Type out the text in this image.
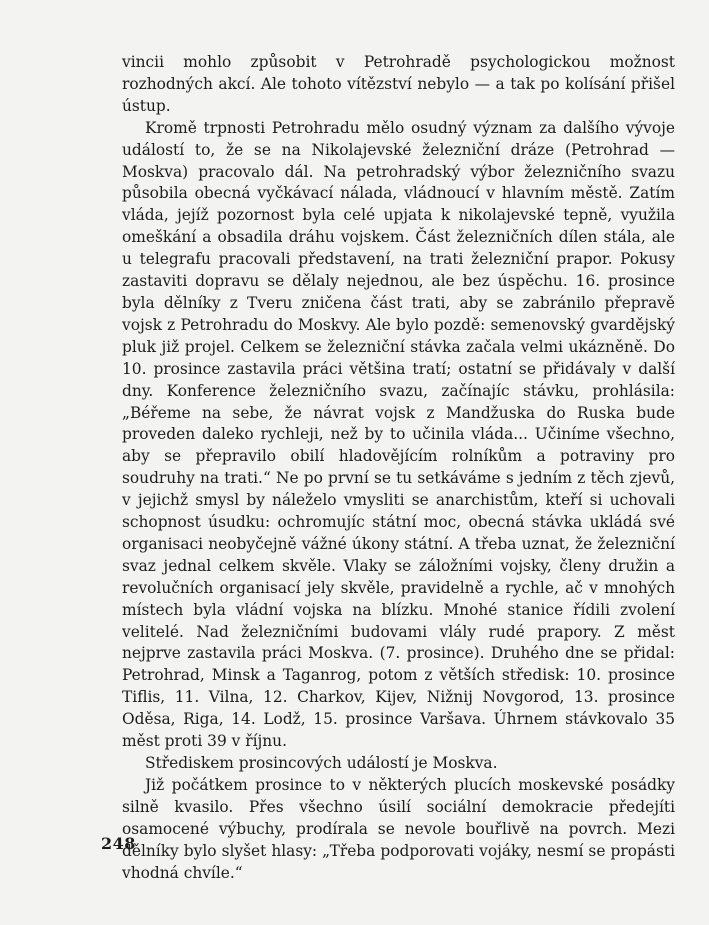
vincii mohlo způsobit v Petrohradě psychologickou možnost rozhodných akcí. Ale tohoto vítězství nebylo — a tak po kolísání přišel ústup.

Kromě trpnosti Petrohradu mělo osudný význam za dalšího vývoje událostí to, že se na Nikolajevské železniční dráze (Petrohrad — Moskva) pracovalo dál. Na petrohradský výbor železničního svazu působila obecná vyčkávací nálada, vládnoucí v hlavním městě. Zatím vláda, jejíž pozornost byla celé upjata k nikolajevské tepně, využila omeškání a obsadila dráhu vojskem. Část železničních dílen stála, ale u telegrafu pracovali představení, na trati železniční prapor. Pokusy zastaviti dopravu se dělaly nejednou, ale bez úspěchu. 16. prosince byla dělníky z Tveru zničena část trati, aby se zabránilo přepravě vojsk z Petrohradu do Moskvy. Ale bylo pozdě: semenovský gvardějský pluk již projel. Celkem se železniční stávka začala velmi ukázněně. Do 10. prosince zastavila práci většina tratí; ostatní se přidávaly v další dny. Konference železničního svazu, začínajíc stávku, prohlásila: „Béřeme na sebe, že návrat vojsk z Mandžuska do Ruska bude proveden daleko rychleji, než by to učinila vláda... Učiníme všechno, aby se přepravilo obilí hladovějícím rolníkům a potraviny pro soudruhy na trati.“ Ne po první se tu setkáváme s jedním z těch zjevů, v jejichž smysl by náleželo vmysliti se anarchistům, kteří si uchovali schopnost úsudku: ochromujíc státní moc, obecná stávka ukládá své organisaci neobyčejně vážné úkony státní. A třeba uznat, že železniční svaz jednal celkem skvěle. Vlaky se záložními vojsky, členy družin a revolučních organisací jely skvěle, pravidelně a rychle, ač v mnohých místech byla vládní vojska na blízku. Mnohé stanice řídili zvolení velitelé. Nad železničními budovami vlály rudé prapory. Z měst nejprve zastavila práci Moskva. (7. prosince). Druhého dne se přidal: Petrohrad, Minsk a Taganrog, potom z větších středisk: 10. prosince Tiflis, 11. Vilna, 12. Charkov, Kijev, Nižnij Novgorod, 13. prosince Oděsa, Riga, 14. Lodž, 15. prosince Varšava. Úhrnem stávkovalo 35 měst proti 39 v říjnu.

Střediskem prosincových událostí je Moskva.

Již počátkem prosince to v některých plucích moskevské posádky silně kvasilo. Přes všechno úsilí sociální demokracie předejíti osamocené výbuchy, prodírala se nevole bouřlivě na povrch. Mezi dělníky bylo slyšet hlasy: „Třeba podporovati vojáky, nesmí se propásti vhodná chvíle.“

248
